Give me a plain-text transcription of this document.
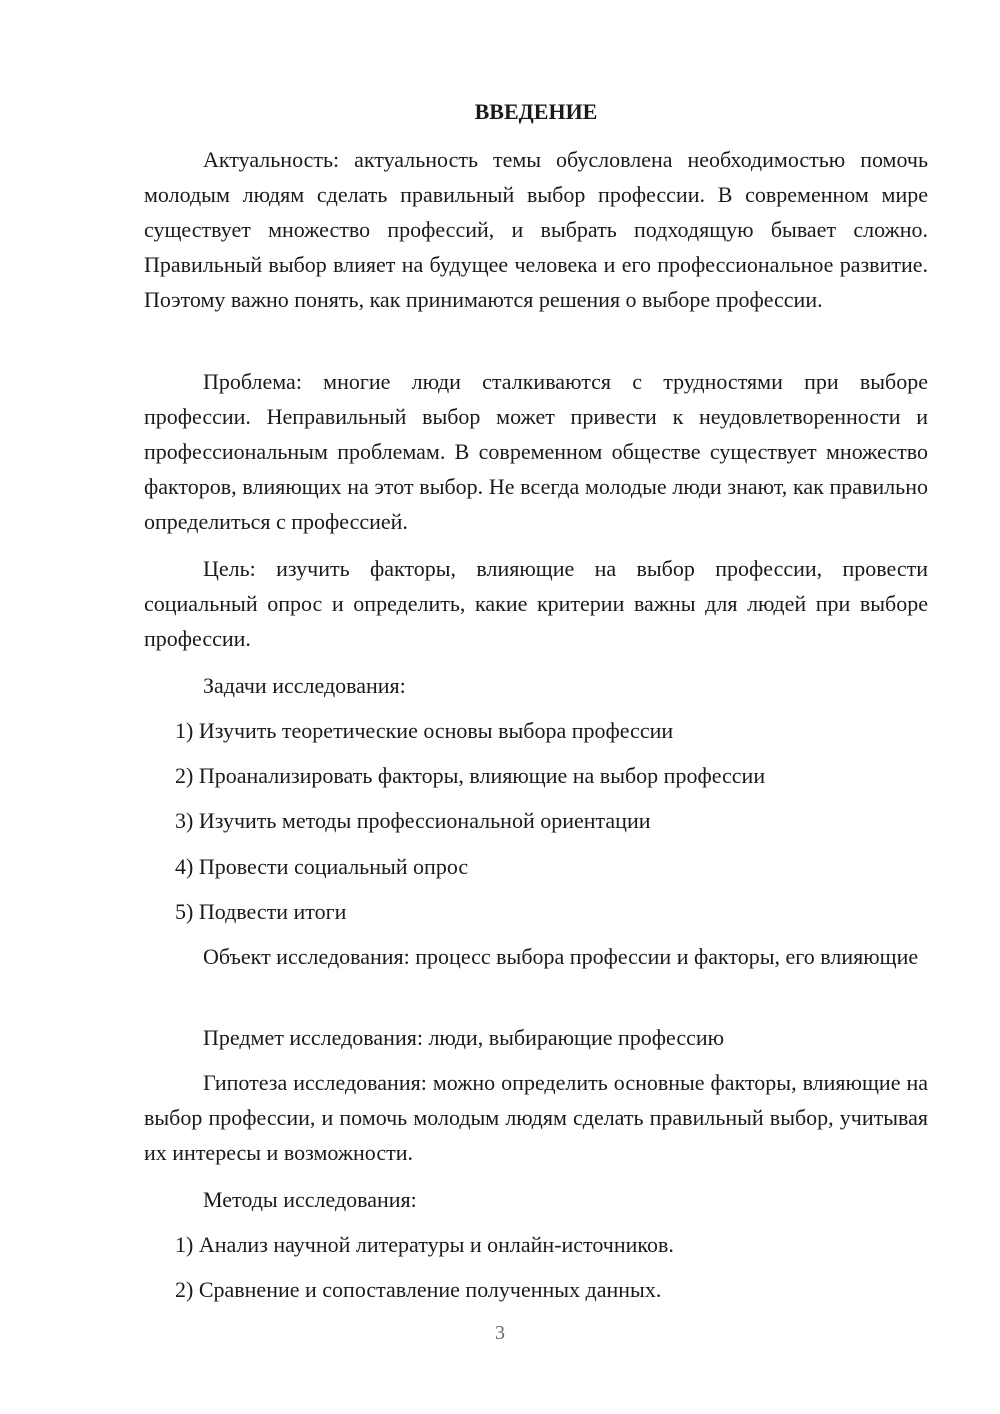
ВВЕДЕНИЕ

Актуальность: актуальность темы обусловлена необходимостью помочь молодым людям сделать правильный выбор профессии. В современном мире существует множество профессий, и выбрать подходящую бывает сложно. Правильный выбор влияет на будущее человека и его профессиональное развитие. Поэтому важно понять, как принимаются решения о выборе профессии.

Проблема: многие люди сталкиваются с трудностями при выборе профессии. Неправильный выбор может привести к неудовлетворенности и профессиональным проблемам. В современном обществе существует множество факторов, влияющих на этот выбор. Не всегда молодые люди знают, как правильно определиться с профессией.

Цель: изучить факторы, влияющие на выбор профессии, провести социальный опрос и определить, какие критерии важны для людей при выборе профессии.

Задачи исследования:

1) Изучить теоретические основы выбора профессии

2) Проанализировать факторы, влияющие на выбор профессии

3) Изучить методы профессиональной ориентации

4) Провести социальный опрос

5) Подвести итоги

Объект исследования: процесс выбора профессии и факторы, его влияющие

Предмет исследования: люди, выбирающие профессию

Гипотеза исследования: можно определить основные факторы, влияющие на выбор профессии, и помочь молодым людям сделать правильный выбор, учитывая их интересы и возможности.

Методы исследования:

1) Анализ научной литературы и онлайн-источников.

2) Сравнение и сопоставление полученных данных.

3
